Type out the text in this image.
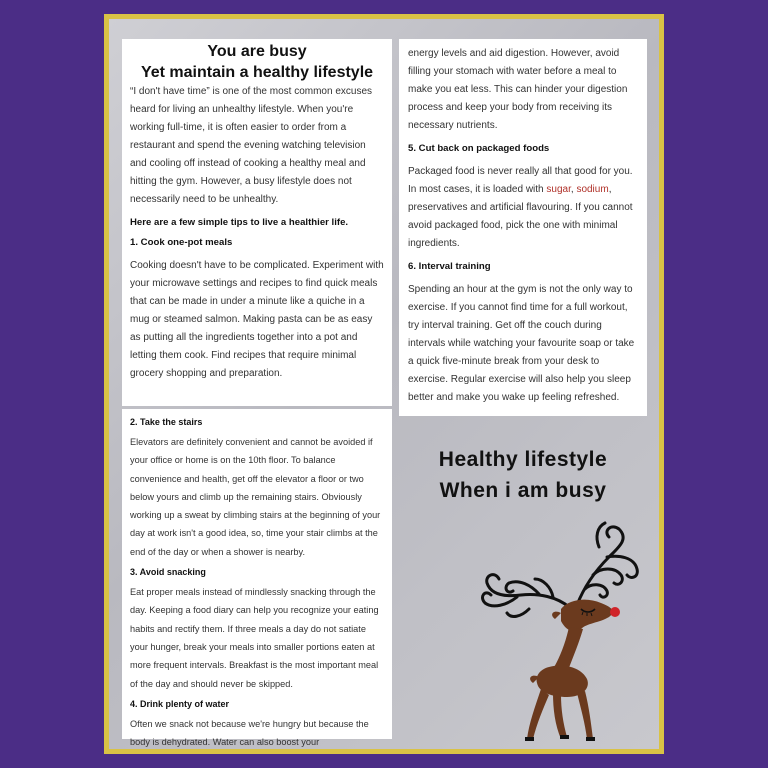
You are busy

Yet maintain a healthy lifestyle

“I don't have time” is one of the most common excuses heard for living an unhealthy lifestyle. When you're working full-time, it is often easier to order from a restaurant and spend the evening watching television and cooling off instead of cooking a healthy meal and hitting the gym. However, a busy lifestyle does not necessarily need to be unhealthy.

Here are a few simple tips to live a healthier life.

1. Cook one-pot meals

Cooking doesn't have to be complicated. Experiment with your microwave settings and recipes to find quick meals that can be made in under a minute like a quiche in a mug or steamed salmon. Making pasta can be as easy as putting all the ingredients together into a pot and letting them cook. Find recipes that require minimal grocery shopping and preparation.

2. Take the stairs

Elevators are definitely convenient and cannot be avoided if your office or home is on the 10th floor. To balance convenience and health, get off the elevator a floor or two below yours and climb up the remaining stairs. Obviously working up a sweat by climbing stairs at the beginning of your day at work isn't a good idea, so, time your stair climbs at the end of the day or when a shower is nearby.

3. Avoid snacking

Eat proper meals instead of mindlessly snacking through the day. Keeping a food diary can help you recognize your eating habits and rectify them. If three meals a day do not satiate your hunger, break your meals into smaller portions eaten at more frequent intervals. Breakfast is the most important meal of the day and should never be skipped.

4. Drink plenty of water

Often we snack not because we're hungry but because the body is dehydrated. Water can also boost your

energy levels and aid digestion. However, avoid filling your stomach with water before a meal to make you eat less. This can hinder your digestion process and keep your body from receiving its necessary nutrients.

5. Cut back on packaged foods

Packaged food is never really all that good for you. In most cases, it is loaded with sugar, sodium, preservatives and artificial flavouring. If you cannot avoid packaged food, pick the one with minimal ingredients.

6. Interval training

Spending an hour at the gym is not the only way to exercise. If you cannot find time for a full workout, try interval training. Get off the couch during intervals while watching your favourite soap or take a quick five-minute break from your desk to exercise. Regular exercise will also help you sleep better and make you wake up feeling refreshed.

Healthy lifestyle
When i am busy
